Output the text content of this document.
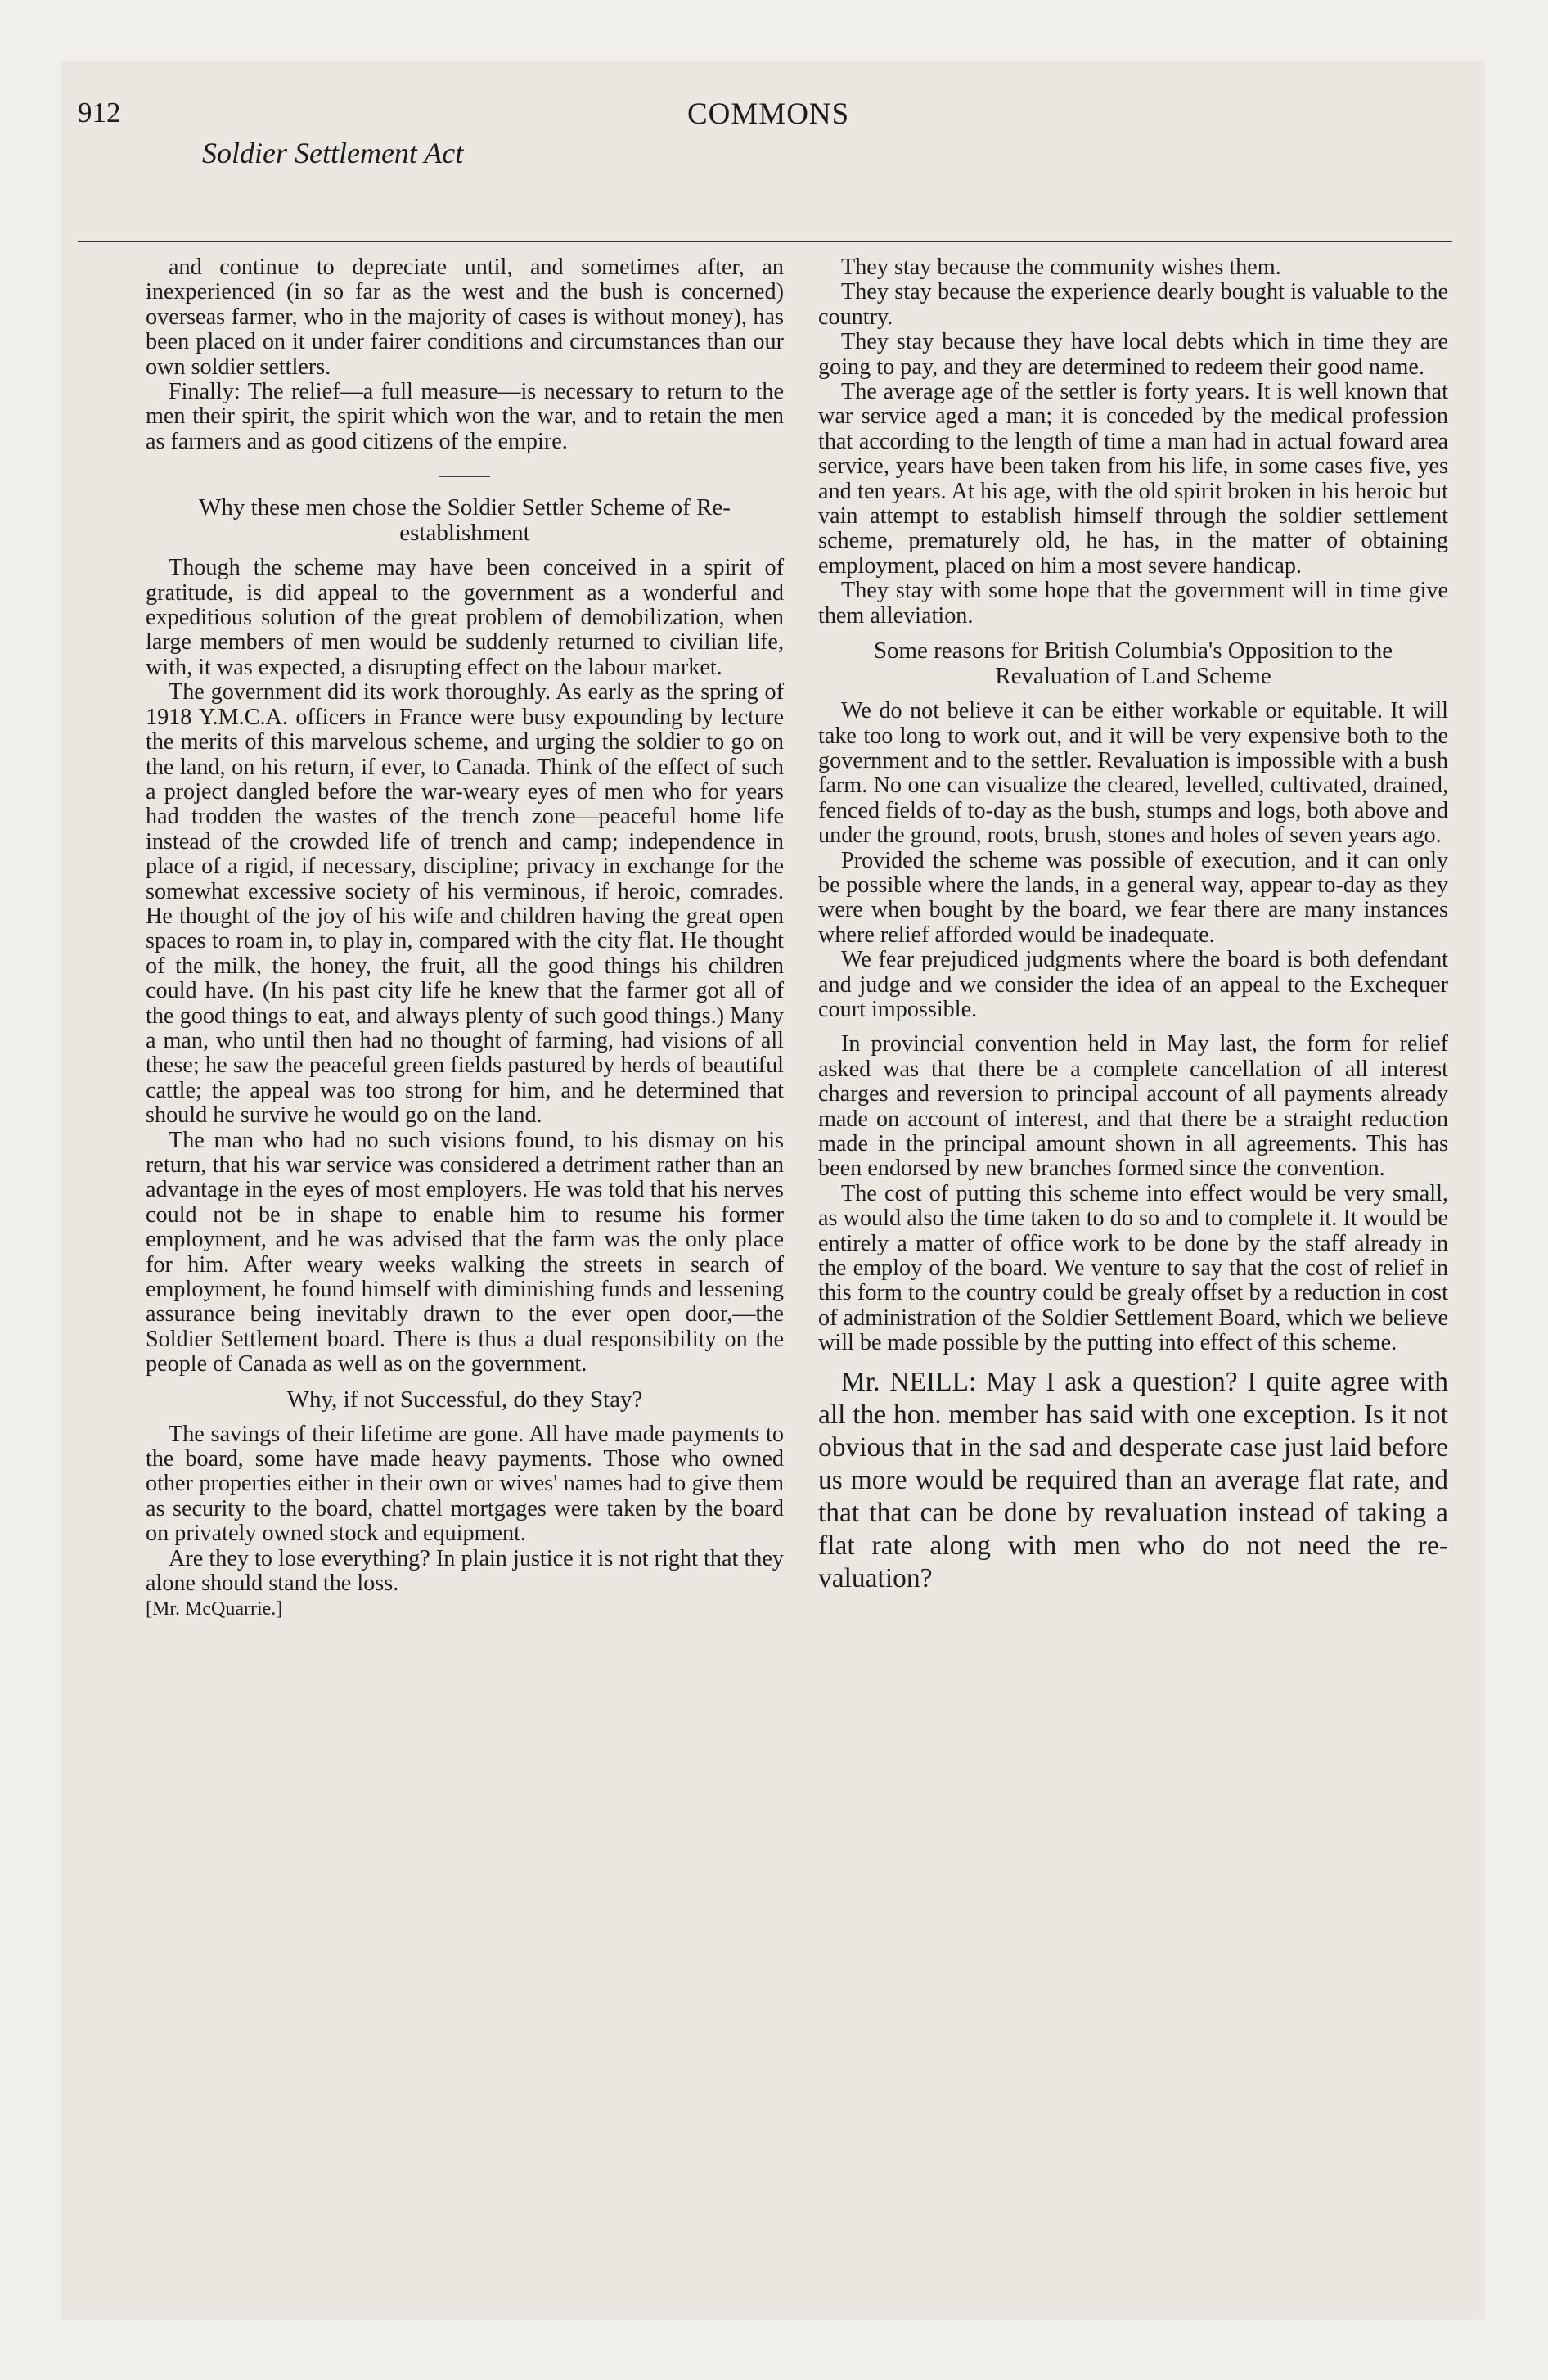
912	COMMONS
Soldier Settlement Act

and continue to depreciate until, and sometimes after, an inexperienced (in so far as the west and the bush is concerned) overseas farmer, who in the majority of cases is without money), has been placed on it under fairer conditions and circumstances than our own soldier settlers.

Finally: The relief—a full measure—is necessary to return to the men their spirit, the spirit which won the war, and to retain the men as farmers and as good citizens of the empire.

Why these men chose the Soldier Settler Scheme of Re-establishment

Though the scheme may have been conceived in a spirit of gratitude, is did appeal to the government as a wonderful and expeditious solution of the great problem of demobilization, when large members of men would be suddenly returned to civilian life, with, it was expected, a disrupting effect on the labour market.

The government did its work thoroughly. As early as the spring of 1918 Y.M.C.A. officers in France were busy expounding by lecture the merits of this marvelous scheme, and urging the soldier to go on the land, on his return, if ever, to Canada. Think of the effect of such a project dangled before the war-weary eyes of men who for years had trodden the wastes of the trench zone—peaceful home life instead of the crowded life of trench and camp; independence in place of a rigid, if necessary, discipline; privacy in exchange for the somewhat excessive society of his verminous, if heroic, comrades. He thought of the joy of his wife and children having the great open spaces to roam in, to play in, compared with the city flat. He thought of the milk, the honey, the fruit, all the good things his children could have. (In his past city life he knew that the farmer got all of the good things to eat, and always plenty of such good things.) Many a man, who until then had no thought of farming, had visions of all these; he saw the peaceful green fields pastured by herds of beautiful cattle; the appeal was too strong for him, and he determined that should he survive he would go on the land.

The man who had no such visions found, to his dismay on his return, that his war service was considered a detriment rather than an advantage in the eyes of most employers. He was told that his nerves could not be in shape to enable him to resume his former employment, and he was advised that the farm was the only place for him. After weary weeks walking the streets in search of employment, he found himself with diminishing funds and lessening assurance being inevitably drawn to the ever open door,—the Soldier Settlement board. There is thus a dual responsibility on the people of Canada as well as on the government.

Why, if not Successful, do they Stay?

The savings of their lifetime are gone. All have made payments to the board, some have made heavy payments. Those who owned other properties either in their own or wives' names had to give them as security to the board, chattel mortgages were taken by the board on privately owned stock and equipment.

Are they to lose everything? In plain justice it is not right that they alone should stand the loss.

[Mr. McQuarrie.]

They stay because the community wishes them.

They stay because the experience dearly bought is valuable to the country.

They stay because they have local debts which in time they are going to pay, and they are determined to redeem their good name.

The average age of the settler is forty years. It is well known that war service aged a man; it is conceded by the medical profession that according to the length of time a man had in actual foward area service, years have been taken from his life, in some cases five, yes and ten years. At his age, with the old spirit broken in his heroic but vain attempt to establish himself through the soldier settlement scheme, prematurely old, he has, in the matter of obtaining employment, placed on him a most severe handicap.

They stay with some hope that the government will in time give them alleviation.

Some reasons for British Columbia's Opposition to the Revaluation of Land Scheme

We do not believe it can be either workable or equitable. It will take too long to work out, and it will be very expensive both to the government and to the settler. Revaluation is impossible with a bush farm. No one can visualize the cleared, levelled, cultivated, drained, fenced fields of to-day as the bush, stumps and logs, both above and under the ground, roots, brush, stones and holes of seven years ago.

Provided the scheme was possible of execution, and it can only be possible where the lands, in a general way, appear to-day as they were when bought by the board, we fear there are many instances where relief afforded would be inadequate.

We fear prejudiced judgments where the board is both defendant and judge and we consider the idea of an appeal to the Exchequer court impossible.

In provincial convention held in May last, the form for relief asked was that there be a complete cancellation of all interest charges and reversion to principal account of all payments already made on account of interest, and that there be a straight reduction made in the principal amount shown in all agreements. This has been endorsed by new branches formed since the convention.

The cost of putting this scheme into effect would be very small, as would also the time taken to do so and to complete it. It would be entirely a matter of office work to be done by the staff already in the employ of the board. We venture to say that the cost of relief in this form to the country could be grealy offset by a reduction in cost of administration of the Soldier Settlement Board, which we believe will be made possible by the putting into effect of this scheme.

Mr. NEILL: May I ask a question? I quite agree with all the hon. member has said with one exception. Is it not obvious that in the sad and desperate case just laid before us more would be required than an average flat rate, and that that can be done by revaluation instead of taking a flat rate along with men who do not need the re-valuation?
